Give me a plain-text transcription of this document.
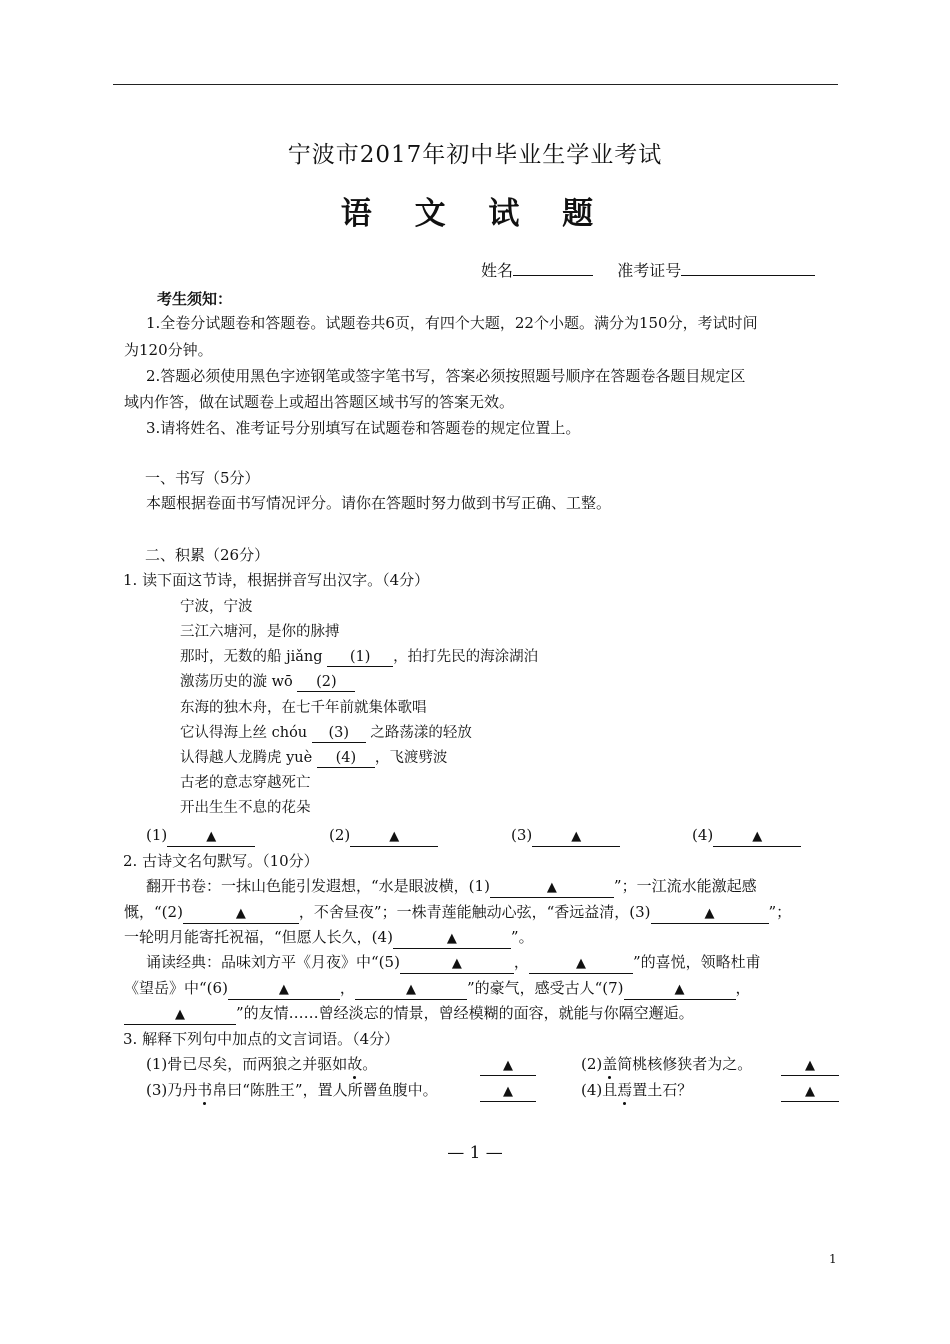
宁波市2017年初中毕业生学业考试
语 文 试 题
姓名	准考证号
考生须知：
1.全卷分试题卷和答题卷。试题卷共6页，有四个大题，22个小题。满分为150分，考试时间
为120分钟。
2.答题必须使用黑色字迹钢笔或签字笔书写，答案必须按照题号顺序在答题卷各题目规定区
域内作答，做在试题卷上或超出答题区域书写的答案无效。
3.请将姓名、准考证号分别填写在试题卷和答题卷的规定位置上。
一、书写（5分）
本题根据卷面书写情况评分。请你在答题时努力做到书写正确、工整。
二、积累（26分）
1. 读下面这节诗，根据拼音写出汉字。（4分）
宁波，宁波
三江六塘河，是你的脉搏
那时，无数的船 jiǎng (1) ，拍打先民的海涂湖泊
激荡历史的漩 wō (2)
东海的独木舟，在七千年前就集体歌唱
它认得海上丝 chóu (3) 之路荡漾的轻放
认得越人龙腾虎 yuè (4) ，飞渡劈波
古老的意志穿越死亡
开出生生不息的花朵
(1)	▲	(2)	▲	(3)	▲	(4)	▲
2. 古诗文名句默写。（10分）
翻开书卷：一抹山色能引发遐想，“水是眼波横，(1)	▲	”；一江流水能激起感
慨，“(2)	▲	，不舍昼夜”；一株青莲能触动心弦，“香远益清，(3)	▲	”；
一轮明月能寄托祝福，“但愿人长久，(4)	▲	”。
诵读经典：品味刘方平《月夜》中“(5)	▲	，	▲	”的喜悦，领略杜甫
《望岳》中“(6)	▲	，	▲	”的豪气，感受古人“(7)	▲	，
▲	”的友情……曾经淡忘的情景，曾经模糊的面容，就能与你隔空邂逅。
3. 解释下列句中加点的文言词语。（4分）
(1)骨已尽矣，而两狼之并驱如故。	▲	(2)盖简桃核修狭者为之。	▲
(3)乃丹书帛曰“陈胜王”，置人所罾鱼腹中。	▲	(4)且焉置土石？	▲
— 1 —
1
